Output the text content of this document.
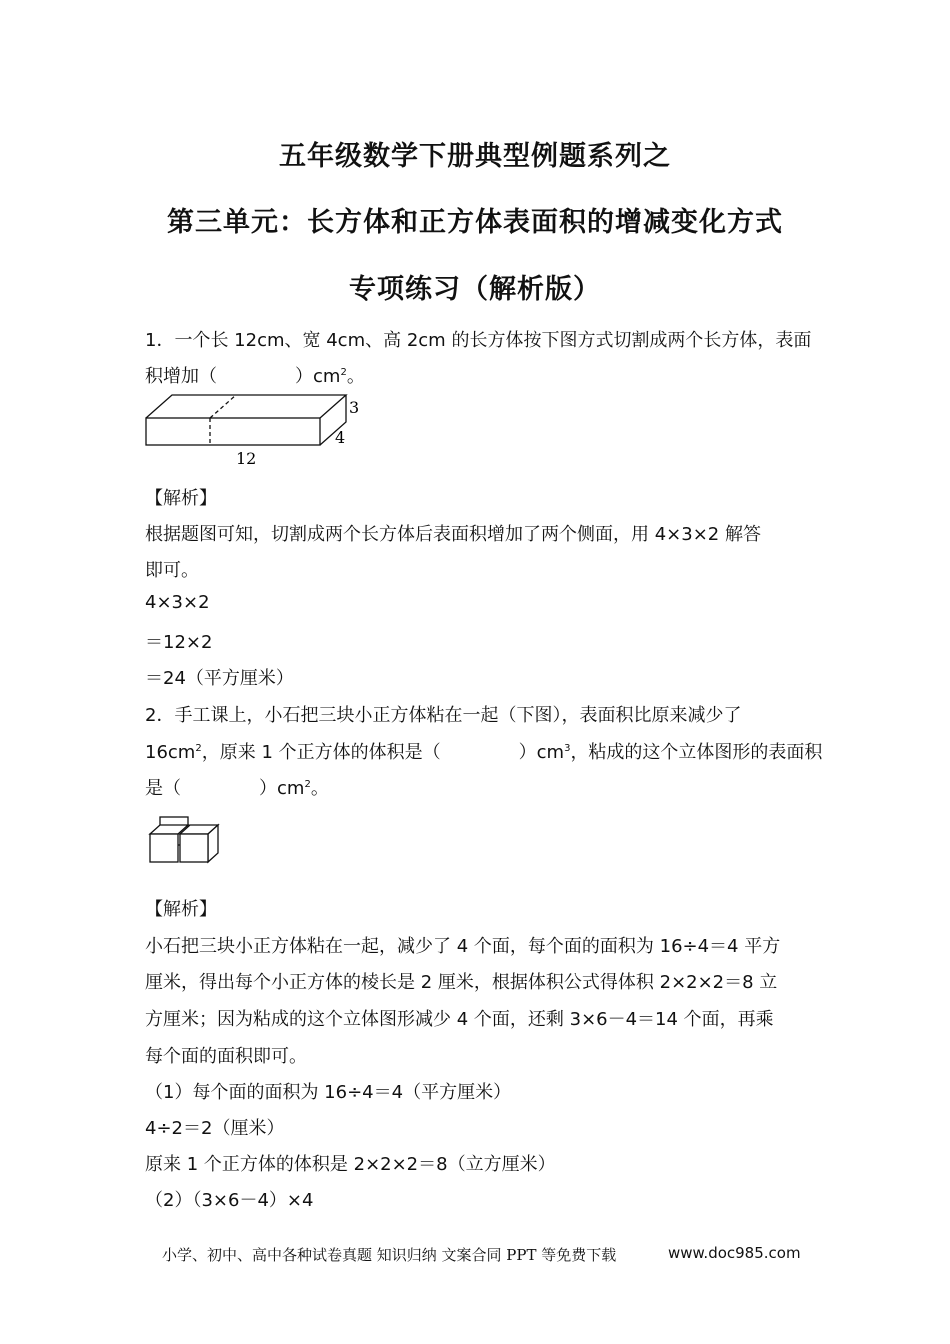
五年级数学下册典型例题系列之
第三单元：长方体和正方体表面积的增减变化方式
专项练习（解析版）
1．一个长 12cm、宽 4cm、高 2cm 的长方体按下图方式切割成两个长方体，表面
积增加（	）$cm^2$。
12
3
4
【解析】
根据题图可知，切割成两个长方体后表面积增加了两个侧面，用 4×3×2 解答
即可。
4×3×2
＝12×2
＝24（平方厘米）
2．手工课上，小石把三块小正方体粘在一起（下图），表面积比原来减少了
$16cm^2$，原来 1 个正方体的体积是（	）$cm^3$，粘成的这个立体图形的表面积
是（	）$cm^2$。
【解析】
小石把三块小正方体粘在一起，减少了 4 个面，每个面的面积为 16÷4＝4 平方
厘米，得出每个小正方体的棱长是 2 厘米，根据体积公式得体积 2×2×2＝8 立
方厘米；因为粘成的这个立体图形减少 4 个面，还剩 3×6－4＝14 个面，再乘
每个面的面积即可。
（1）每个面的面积为 16÷4＝4（平方厘米）
4÷2＝2（厘米）
原来 1 个正方体的体积是 2×2×2＝8（立方厘米）
（2）（3×6－4）×4
小学、初中、高中各种试卷真题 知识归纳 文案合同 PPT 等免费下载	www.doc985.com
